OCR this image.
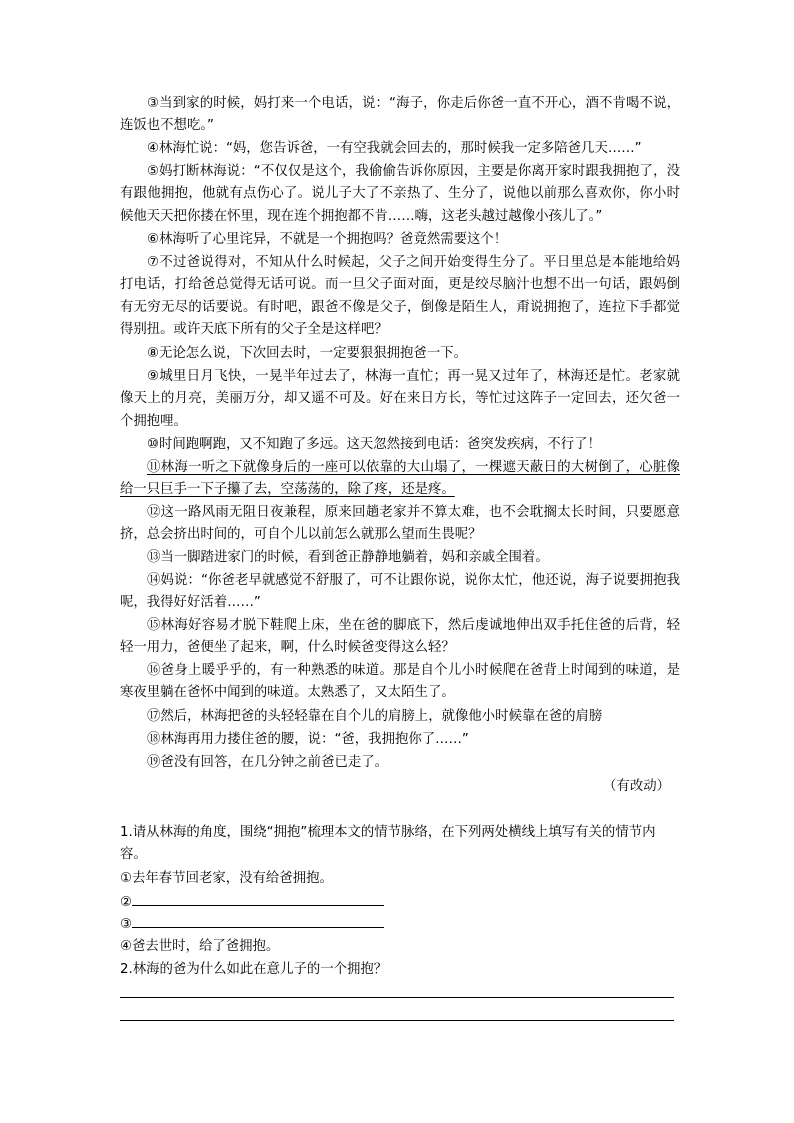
③当到家的时候，妈打来一个电话，说：“海子，你走后你爸一直不开心，酒不肯喝不说，连饭也不想吃。”

④林海忙说：“妈，您告诉爸，一有空我就会回去的，那时候我一定多陪爸几天……”

⑤妈打断林海说：“不仅仅是这个，我偷偷告诉你原因，主要是你离开家时跟我拥抱了，没有跟他拥抱，他就有点伤心了。说儿子大了不亲热了、生分了，说他以前那么喜欢你，你小时候他天天把你搂在怀里，现在连个拥抱都不肯……嗨，这老头越过越像小孩儿了。”

⑥林海听了心里诧异，不就是一个拥抱吗？爸竟然需要这个！

⑦不过爸说得对，不知从什么时候起，父子之间开始变得生分了。平日里总是本能地给妈打电话，打给爸总觉得无话可说。而一旦父子面对面，更是绞尽脑汁也想不出一句话，跟妈倒有无穷无尽的话要说。有时吧，跟爸不像是父子，倒像是陌生人，甭说拥抱了，连拉下手都觉得别扭。或许天底下所有的父子全是这样吧？

⑧无论怎么说，下次回去时，一定要狠狠拥抱爸一下。

⑨城里日月飞快，一晃半年过去了，林海一直忙；再一晃又过年了，林海还是忙。老家就像天上的月亮，美丽万分，却又遥不可及。好在来日方长，等忙过这阵子一定回去，还欠爸一个拥抱哩。

⑩时间跑啊跑，又不知跑了多远。这天忽然接到电话：爸突发疾病，不行了！

⑪林海一听之下就像身后的一座可以依靠的大山塌了，一棵遮天蔽日的大树倒了，心脏像给一只巨手一下子攥了去，空荡荡的，除了疼，还是疼。

⑫这一路风雨无阻日夜兼程，原来回趟老家并不算太难，也不会耽搁太长时间，只要愿意挤，总会挤出时间的，可自个儿以前怎么就那么望而生畏呢？

⑬当一脚踏进家门的时候，看到爸正静静地躺着，妈和亲戚全围着。

⑭妈说：“你爸老早就感觉不舒服了，可不让跟你说，说你太忙，他还说，海子说要拥抱我呢，我得好好活着……”

⑮林海好容易才脱下鞋爬上床，坐在爸的脚底下，然后虔诚地伸出双手托住爸的后背，轻轻一用力，爸便坐了起来，啊，什么时候爸变得这么轻？

⑯爸身上暖乎乎的，有一种熟悉的味道。那是自个儿小时候爬在爸背上时闻到的味道，是寒夜里躺在爸怀中闻到的味道。太熟悉了，又太陌生了。

⑰然后，林海把爸的头轻轻靠在自个儿的肩膀上，就像他小时候靠在爸的肩膀

⑱林海再用力搂住爸的腰，说：“爸，我拥抱你了……”

⑲爸没有回答，在几分钟之前爸已走了。

（有改动）

1.请从林海的角度，围绕“拥抱”梳理本文的情节脉络，在下列两处横线上填写有关的情节内容。

①去年春节回老家，没有给爸拥抱。

②

③

④爸去世时，给了爸拥抱。

2.林海的爸为什么如此在意儿子的一个拥抱？
